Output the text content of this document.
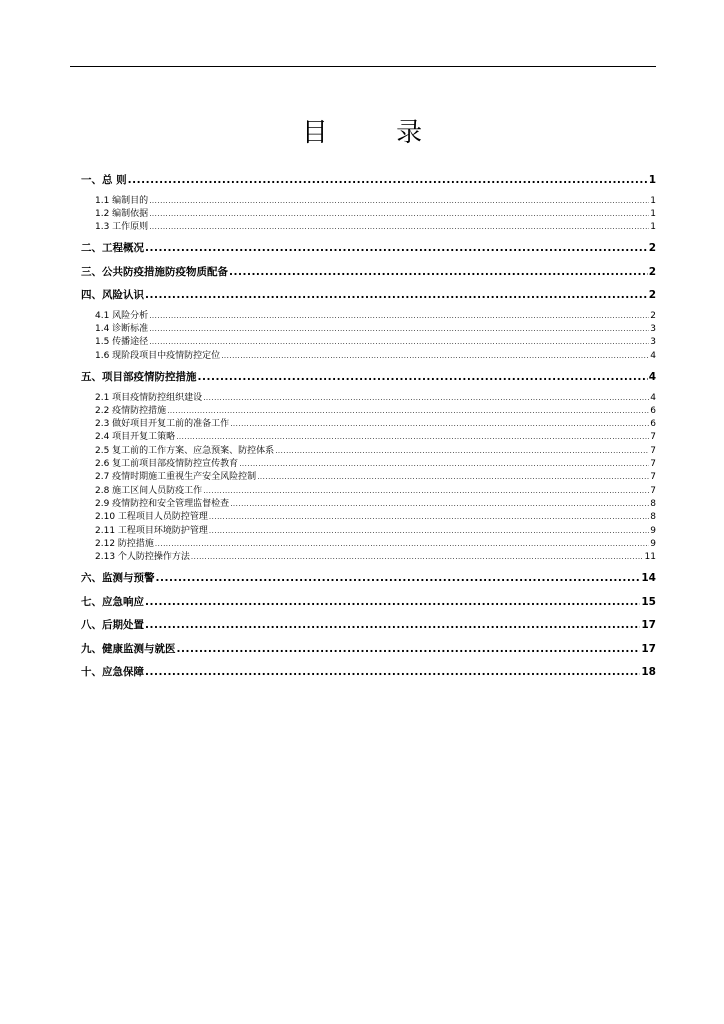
目 录
一、总 则 .....	1
1.1 编制目的 .....	1
1.2 编制依据 .....	1
1.3 工作原则 .....	1
二、工程概况 .....	2
三、公共防疫措施防疫物质配备 .....	2
四、风险认识 .....	2
4.1 风险分析 .....	2
1.4 诊断标准 .....	3
1.5 传播途径 .....	3
1.6 现阶段项目中疫情防控定位 .....	4
五、项目部疫情防控措施 .....	4
2.1 项目疫情防控组织建设 .....	4
2.2 疫情防控措施 .....	6
2.3 做好项目开复工前的准备工作 .....	6
2.4 项目开复工策略 .....	7
2.5 复工前的工作方案、应急预案、防控体系 .....	7
2.6 复工前项目部疫情防控宣传教育 .....	7
2.7 疫情时期施工重视生产安全风险控制 .....	7
2.8 施工区间人员防疫工作 .....	7
2.9 疫情防控和安全管理监督检查 .....	8
2.10 工程项目人员防控管理 .....	8
2.11 工程项目环境防护管理 .....	9
2.12 防控措施 .....	9
2.13 个人防控操作方法 .....	11
六、监测与预警 .....	14
七、应急响应 .....	15
八、后期处置 .....	17
九、健康监测与就医 .....	17
十、应急保障 .....	18
